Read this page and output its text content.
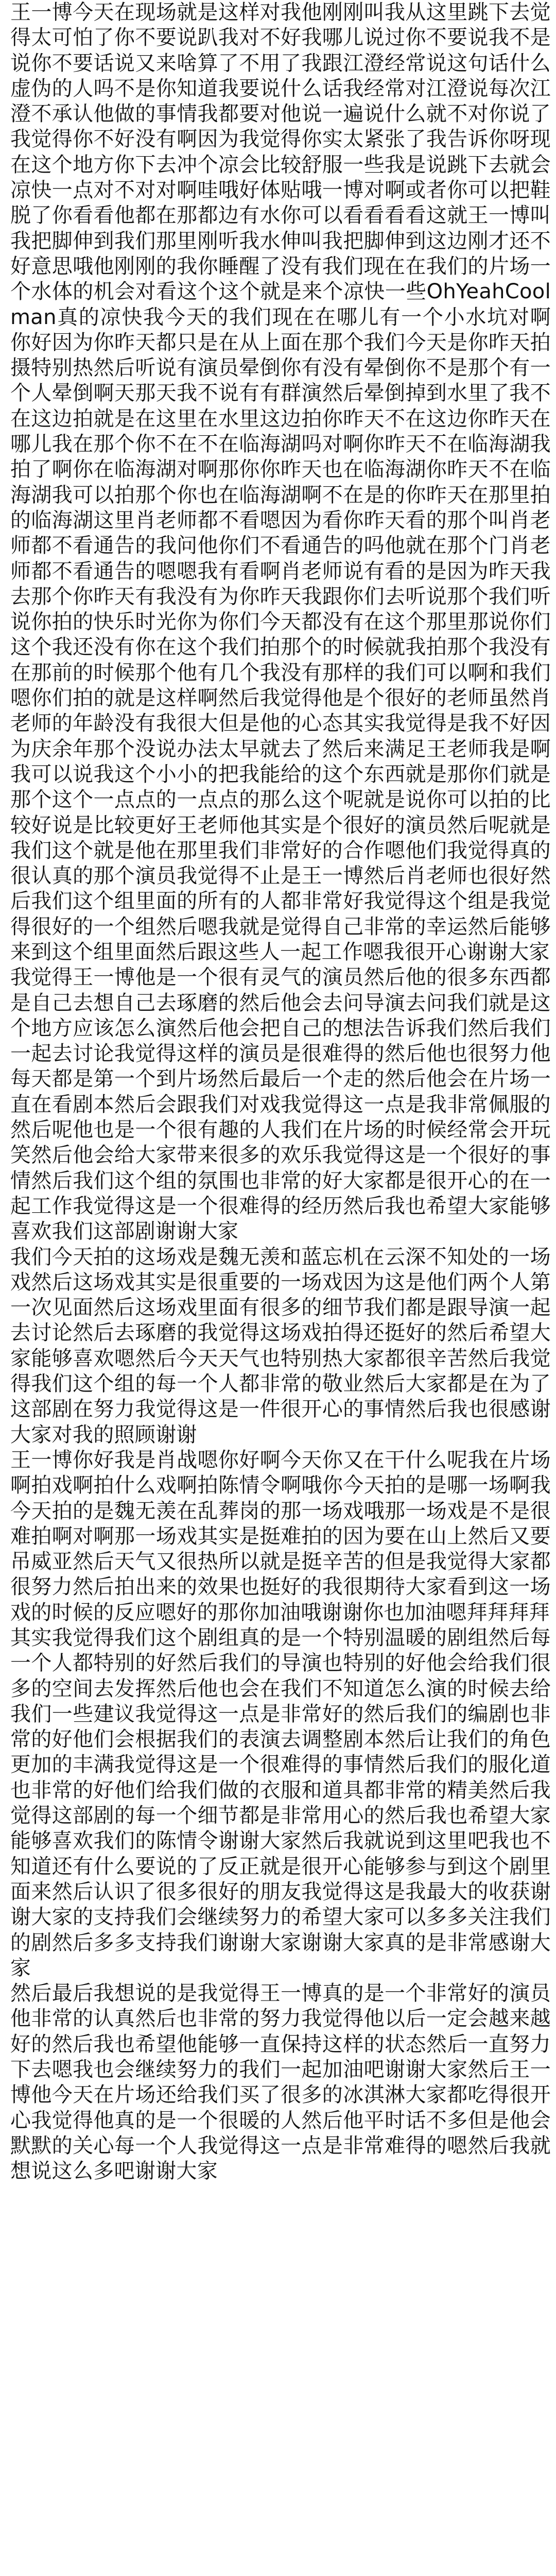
王一博今天在现场就是这样对我他刚刚叫我从这里跳下去觉得太可怕了你不要说趴我对不好我哪儿说过你不要说我不是说你不要话说又来啥算了不用了我跟江澄经常说这句话什么虚伪的人吗不是你知道我要说什么话我经常对江澄说每次江澄不承认他做的事情我都要对他说一遍说什么就不对你说了我觉得你不好没有啊因为我觉得你实太紧张了我告诉你呀现在这个地方你下去冲个凉会比较舒服一些我是说跳下去就会凉快一点对不对对啊哇哦好体贴哦一博对啊或者你可以把鞋脱了你看看他都在那都边有水你可以看看看看这就王一博叫我把脚伸到我们那里刚听我水伸叫我把脚伸到这边刚才还不好意思哦他刚刚的我你睡醒了没有我们现在在我们的片场一个水体的机会对看这个这个就是来个凉快一些OhYeahCoolman真的凉快我今天的我们现在在哪儿有一个小水坑对啊你好因为你昨天都只是在从上面在那个我们今天是你昨天拍摄特别热然后听说有演员晕倒你有没有晕倒你不是那个有一个人晕倒啊天那天我不说有有群演然后晕倒掉到水里了我不在这边拍就是在这里在水里这边拍你昨天不在这边你昨天在哪儿我在那个你不在不在临海湖吗对啊你昨天不在临海湖我拍了啊你在临海湖对啊那你你昨天也在临海湖你昨天不在临海湖我可以拍那个你也在临海湖啊不在是的你昨天在那里拍的临海湖这里肖老师都不看嗯因为看你昨天看的那个叫肖老师都不看通告的我问他你们不看通告的吗他就在那个门肖老师都不看通告的嗯嗯我有看啊肖老师说有看的是因为昨天我去那个你昨天有我没有为你昨天我跟你们去听说那个我们听说你拍的快乐时光你为你们今天都没有在这个那里那说你们这个我还没有你在这个我们拍那个的时候就我拍那个我没有在那前的时候那个他有几个我没有那样的我们可以啊和我们嗯你们拍的就是这样啊然后我觉得他是个很好的老师虽然肖老师的年龄没有我很大但是他的心态其实我觉得是我不好因为庆余年那个没说办法太早就去了然后来满足王老师我是啊我可以说我这个小小的把我能给的这个东西就是那你们就是那个这个一点点的一点点的那么这个呢就是说你可以拍的比较好说是比较更好王老师他其实是个很好的演员然后呢就是我们这个就是他在那里我们非常好的合作嗯他们我觉得真的很认真的那个演员我觉得不止是王一博然后肖老师也很好然后我们这个组里面的所有的人都非常好我觉得这个组是我觉得很好的一个组然后嗯我就是觉得自己非常的幸运然后能够来到这个组里面然后跟这些人一起工作嗯我很开心谢谢大家

我觉得王一博他是一个很有灵气的演员然后他的很多东西都是自己去想自己去琢磨的然后他会去问导演去问我们就是这个地方应该怎么演然后他会把自己的想法告诉我们然后我们一起去讨论我觉得这样的演员是很难得的然后他也很努力他每天都是第一个到片场然后最后一个走的然后他会在片场一直在看剧本然后会跟我们对戏我觉得这一点是我非常佩服的然后呢他也是一个很有趣的人我们在片场的时候经常会开玩笑然后他会给大家带来很多的欢乐我觉得这是一个很好的事情然后我们这个组的氛围也非常的好大家都是很开心的在一起工作我觉得这是一个很难得的经历然后我也希望大家能够喜欢我们这部剧谢谢大家

我们今天拍的这场戏是魏无羡和蓝忘机在云深不知处的一场戏然后这场戏其实是很重要的一场戏因为这是他们两个人第一次见面然后这场戏里面有很多的细节我们都是跟导演一起去讨论然后去琢磨的我觉得这场戏拍得还挺好的然后希望大家能够喜欢嗯然后今天天气也特别热大家都很辛苦然后我觉得我们这个组的每一个人都非常的敬业然后大家都是在为了这部剧在努力我觉得这是一件很开心的事情然后我也很感谢大家对我的照顾谢谢

王一博你好我是肖战嗯你好啊今天你又在干什么呢我在片场啊拍戏啊拍什么戏啊拍陈情令啊哦你今天拍的是哪一场啊我今天拍的是魏无羡在乱葬岗的那一场戏哦那一场戏是不是很难拍啊对啊那一场戏其实是挺难拍的因为要在山上然后又要吊威亚然后天气又很热所以就是挺辛苦的但是我觉得大家都很努力然后拍出来的效果也挺好的我很期待大家看到这一场戏的时候的反应嗯好的那你加油哦谢谢你也加油嗯拜拜拜拜

其实我觉得我们这个剧组真的是一个特别温暖的剧组然后每一个人都特别的好然后我们的导演也特别的好他会给我们很多的空间去发挥然后他也会在我们不知道怎么演的时候去给我们一些建议我觉得这一点是非常好的然后我们的编剧也非常的好他们会根据我们的表演去调整剧本然后让我们的角色更加的丰满我觉得这是一个很难得的事情然后我们的服化道也非常的好他们给我们做的衣服和道具都非常的精美然后我觉得这部剧的每一个细节都是非常用心的然后我也希望大家能够喜欢我们的陈情令谢谢大家然后我就说到这里吧我也不知道还有什么要说的了反正就是很开心能够参与到这个剧里面来然后认识了很多很好的朋友我觉得这是我最大的收获谢谢大家的支持我们会继续努力的希望大家可以多多关注我们的剧然后多多支持我们谢谢大家谢谢大家真的是非常感谢大家

然后最后我想说的是我觉得王一博真的是一个非常好的演员他非常的认真然后也非常的努力我觉得他以后一定会越来越好的然后我也希望他能够一直保持这样的状态然后一直努力下去嗯我也会继续努力的我们一起加油吧谢谢大家然后王一博他今天在片场还给我们买了很多的冰淇淋大家都吃得很开心我觉得他真的是一个很暖的人然后他平时话不多但是他会默默的关心每一个人我觉得这一点是非常难得的嗯然后我就想说这么多吧谢谢大家
